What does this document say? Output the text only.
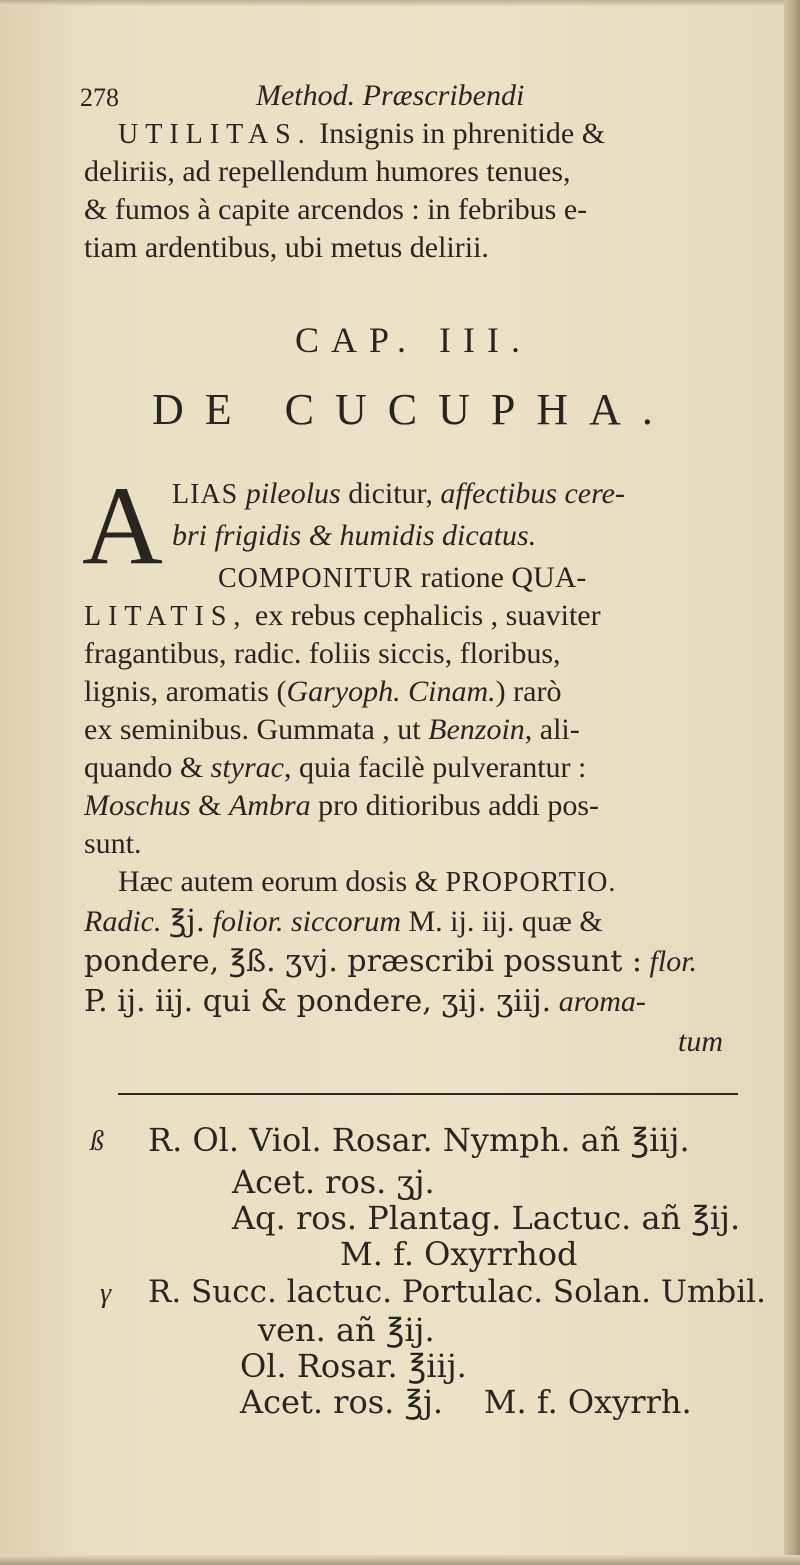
278	Method. Præscribendi
UTILITAS. Insignis in phrenitide &
deliriis, ad repellendum humores tenues,
& fumos à capite arcendos : in febribus e-
tiam ardentibus, ubi metus delirii.
CAP. III.
DE CUCUPHA.
A LIAS pileolus dicitur, affectibus cere-
bri frigidis & humidis dicatus.
COMPONITUR ratione QUA-
LITATIS, ex rebus cephalicis , suaviter
fragantibus, radic. foliis siccis, floribus,
lignis, aromatis (Garyoph. Cinam.) rarò
ex seminibus. Gummata , ut Benzoin, ali-
quando & styrac, quia facilè pulverantur :
Moschus & Ambra pro ditioribus addi pos-
sunt.
Hæc autem eorum dosis & PROPORTIO.
Radic. ℥j. folior. siccorum M. ij. iij. quæ &
pondere, ℥ß. ʒvj. præscribi possunt : flor.
P. ij. iij. qui & pondere, ʒij. ʒiij. aroma-
tum
ß R. Ol. Viol. Rosar. Nymph. añ ℥iij.
Acet. ros. ʒj.
Aq. ros. Plantag. Lactuc. añ ℥ij.
M. f. Oxyrrhod
γ R. Succ. lactuc. Portulac. Solan. Umbil.
ven. añ ℥ij.
Ol. Rosar. ℥iij.
Acet. ros. ℥j.    M. f. Oxyrrh.
